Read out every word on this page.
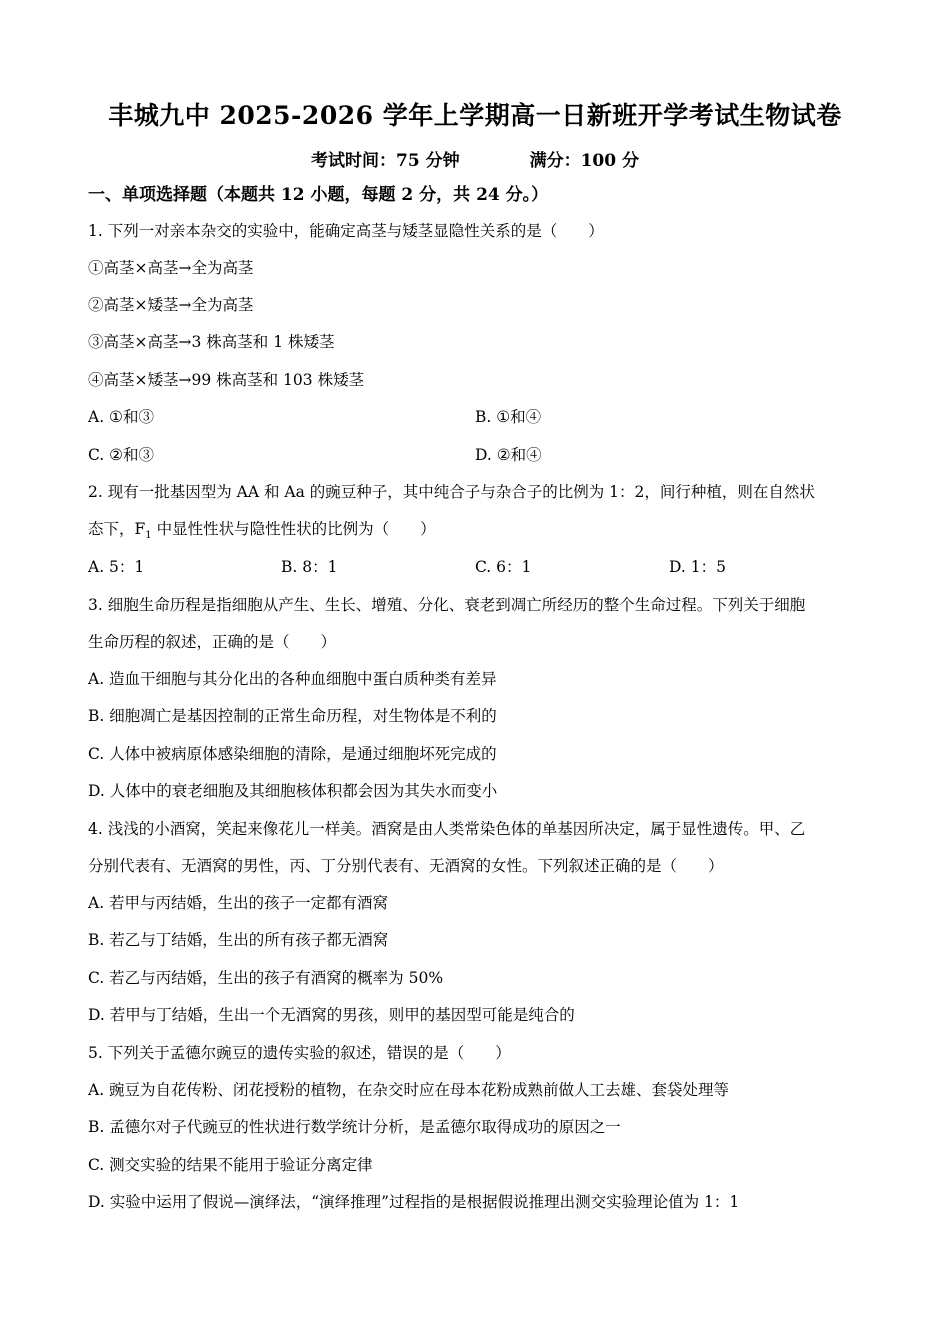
丰城九中 2025-2026 学年上学期高一日新班开学考试生物试卷
考试时间：75 分钟	满分：100 分
一、单项选择题（本题共 12 小题，每题 2 分，共 24 分。）
1. 下列一对亲本杂交的实验中，能确定高茎与矮茎显隐性关系的是（　　）
①高茎×高茎→全为高茎
②高茎×矮茎→全为高茎
③高茎×高茎→3 株高茎和 1 株矮茎
④高茎×矮茎→99 株高茎和 103 株矮茎
A. ①和③	B. ①和④
C. ②和③	D. ②和④
2. 现有一批基因型为 AA 和 Aa 的豌豆种子，其中纯合子与杂合子的比例为 1：2，间行种植，则在自然状
态下，$F_1$ 中显性性状与隐性性状的比例为（　　）
A. 5：1	B. 8：1	C. 6：1	D. 1：5
3. 细胞生命历程是指细胞从产生、生长、增殖、分化、衰老到凋亡所经历的整个生命过程。下列关于细胞
生命历程的叙述，正确的是（　　）
A. 造血干细胞与其分化出的各种血细胞中蛋白质种类有差异
B. 细胞凋亡是基因控制的正常生命历程，对生物体是不利的
C. 人体中被病原体感染细胞的清除，是通过细胞坏死完成的
D. 人体中的衰老细胞及其细胞核体积都会因为其失水而变小
4. 浅浅的小酒窝，笑起来像花儿一样美。酒窝是由人类常染色体的单基因所决定，属于显性遗传。甲、乙
分别代表有、无酒窝的男性，丙、丁分别代表有、无酒窝的女性。下列叙述正确的是（　　）
A. 若甲与丙结婚，生出的孩子一定都有酒窝
B. 若乙与丁结婚，生出的所有孩子都无酒窝
C. 若乙与丙结婚，生出的孩子有酒窝的概率为 50%
D. 若甲与丁结婚，生出一个无酒窝的男孩，则甲的基因型可能是纯合的
5. 下列关于孟德尔豌豆的遗传实验的叙述，错误的是（　　）
A. 豌豆为自花传粉、闭花授粉的植物，在杂交时应在母本花粉成熟前做人工去雄、套袋处理等
B. 孟德尔对子代豌豆的性状进行数学统计分析，是孟德尔取得成功的原因之一
C. 测交实验的结果不能用于验证分离定律
D. 实验中运用了假说—演绎法，“演绎推理”过程指的是根据假说推理出测交实验理论值为 1：1
